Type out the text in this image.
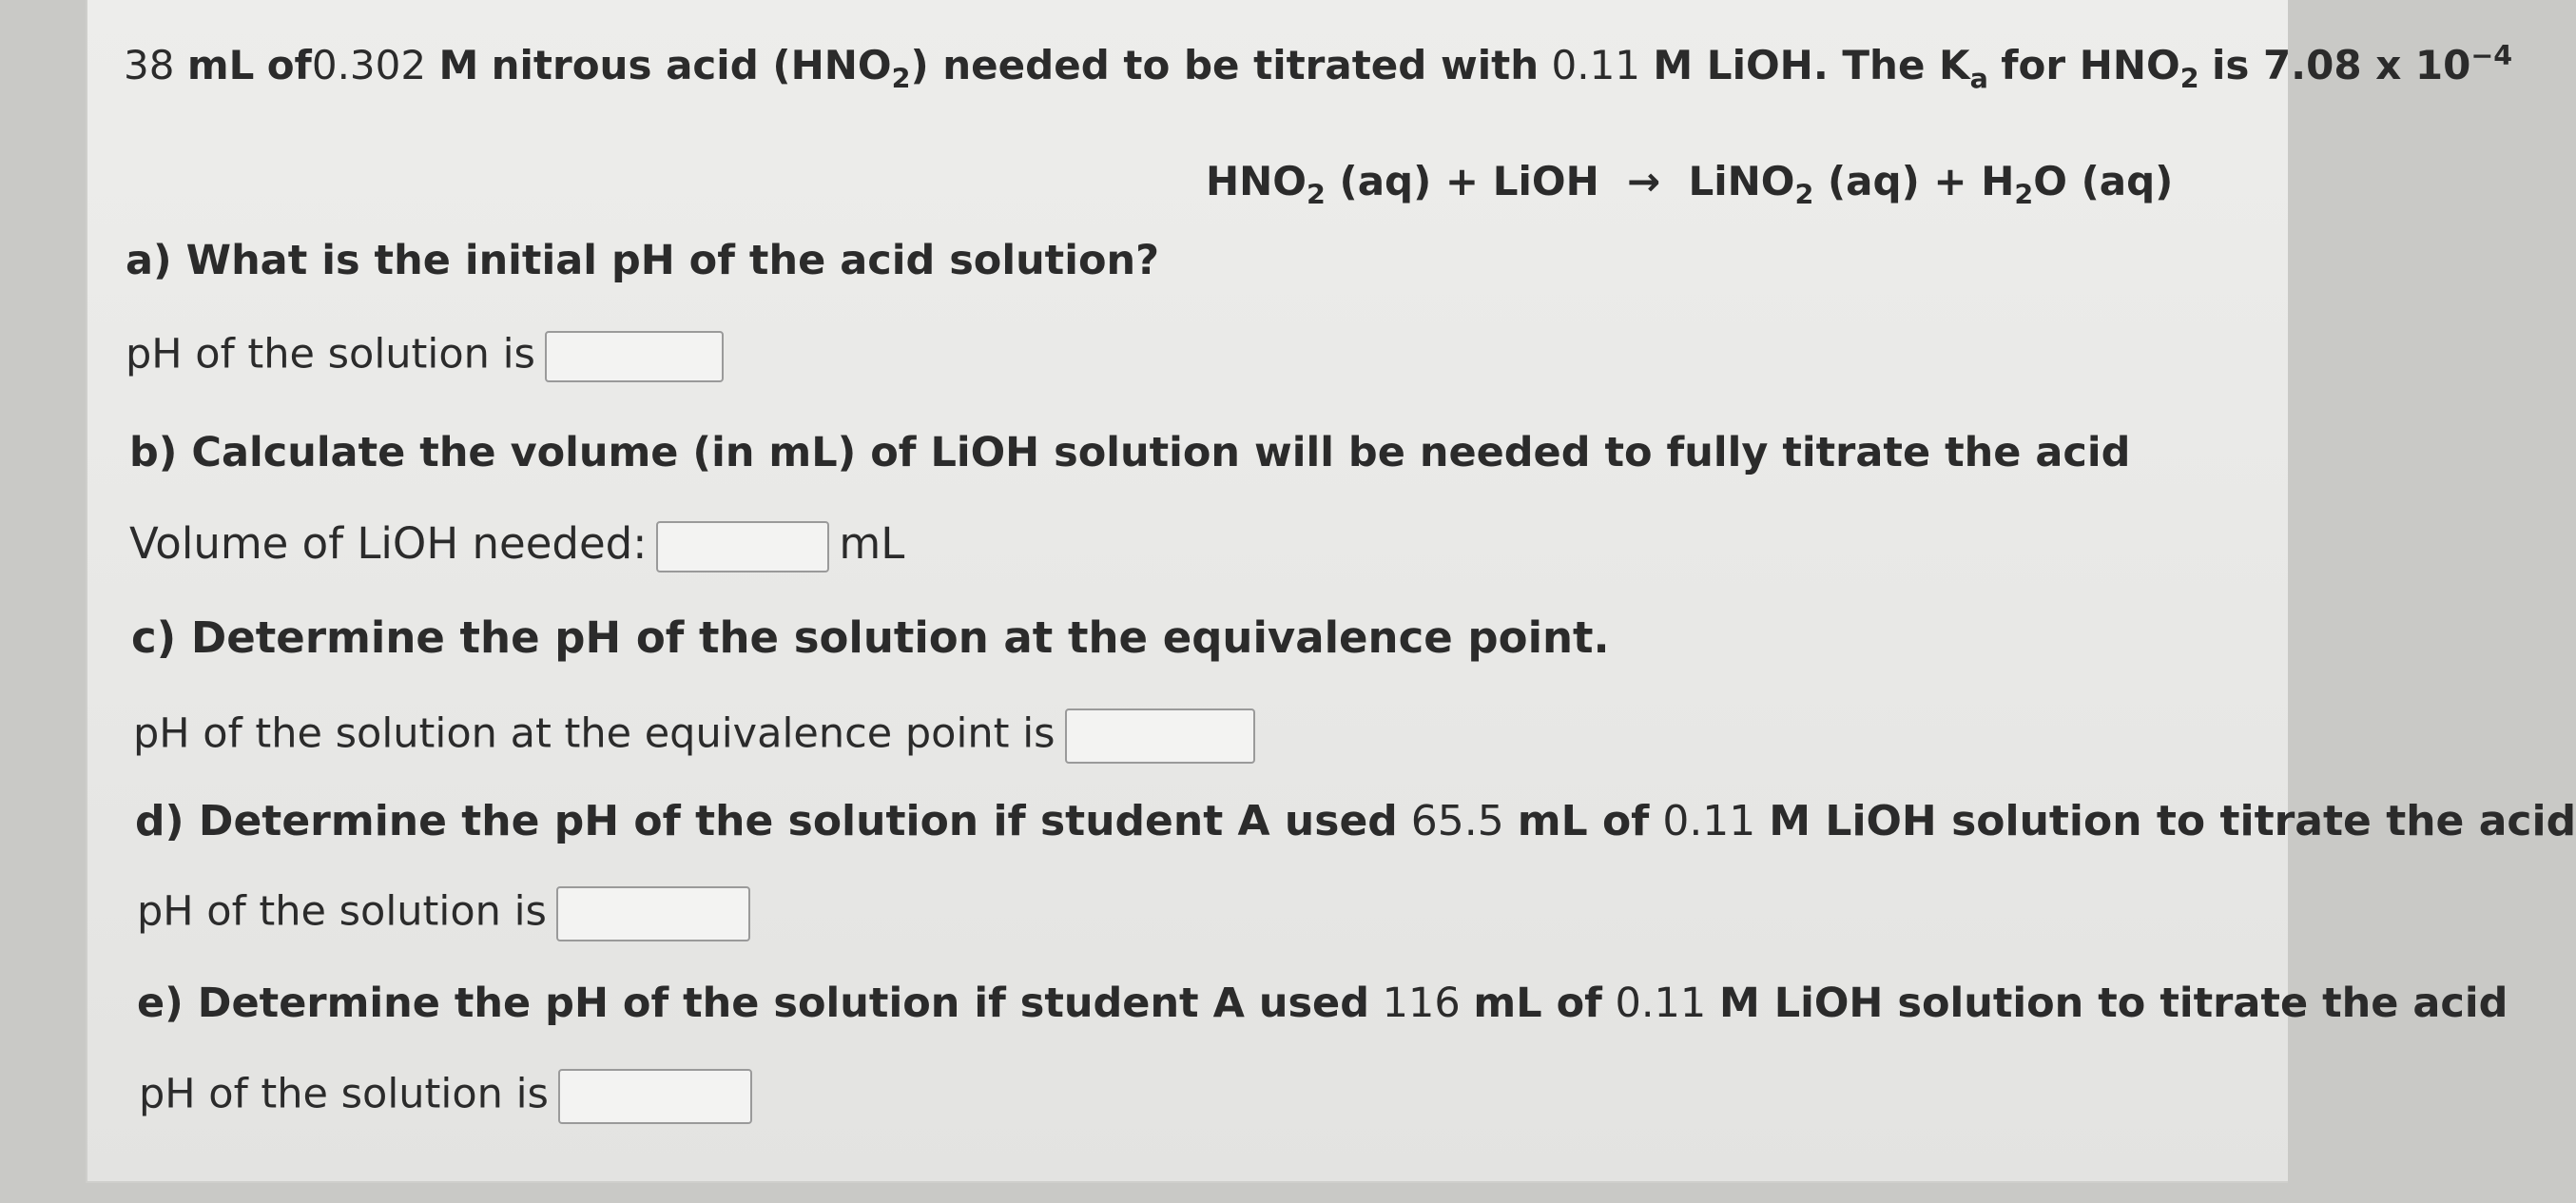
38 mL of0.302 M nitrous acid $(HNO_2)$ needed to be titrated with 0.11 M LiOH. The $K_a$ for $HNO_2$ is 7.08 x $10^{-4}$
$HNO_2$ (aq) + LiOH → LiNO$_2$ $(aq) + H_2O$ (aq)
a) What is the initial pH of the acid solution?
pH of the solution is
b) Calculate the volume (in mL) of LiOH solution will be needed to fully titrate the acid
Volume of LiOH needed:	mL
c) Determine the pH of the solution at the equivalence point.
pH of the solution at the equivalence point is
d) Determine the pH of the solution if student A used 65.5 mL of 0.11 M LiOH solution to titrate the acid
pH of the solution is
e) Determine the pH of the solution if student A used 116 mL of 0.11 M LiOH solution to titrate the acid
pH of the solution is
